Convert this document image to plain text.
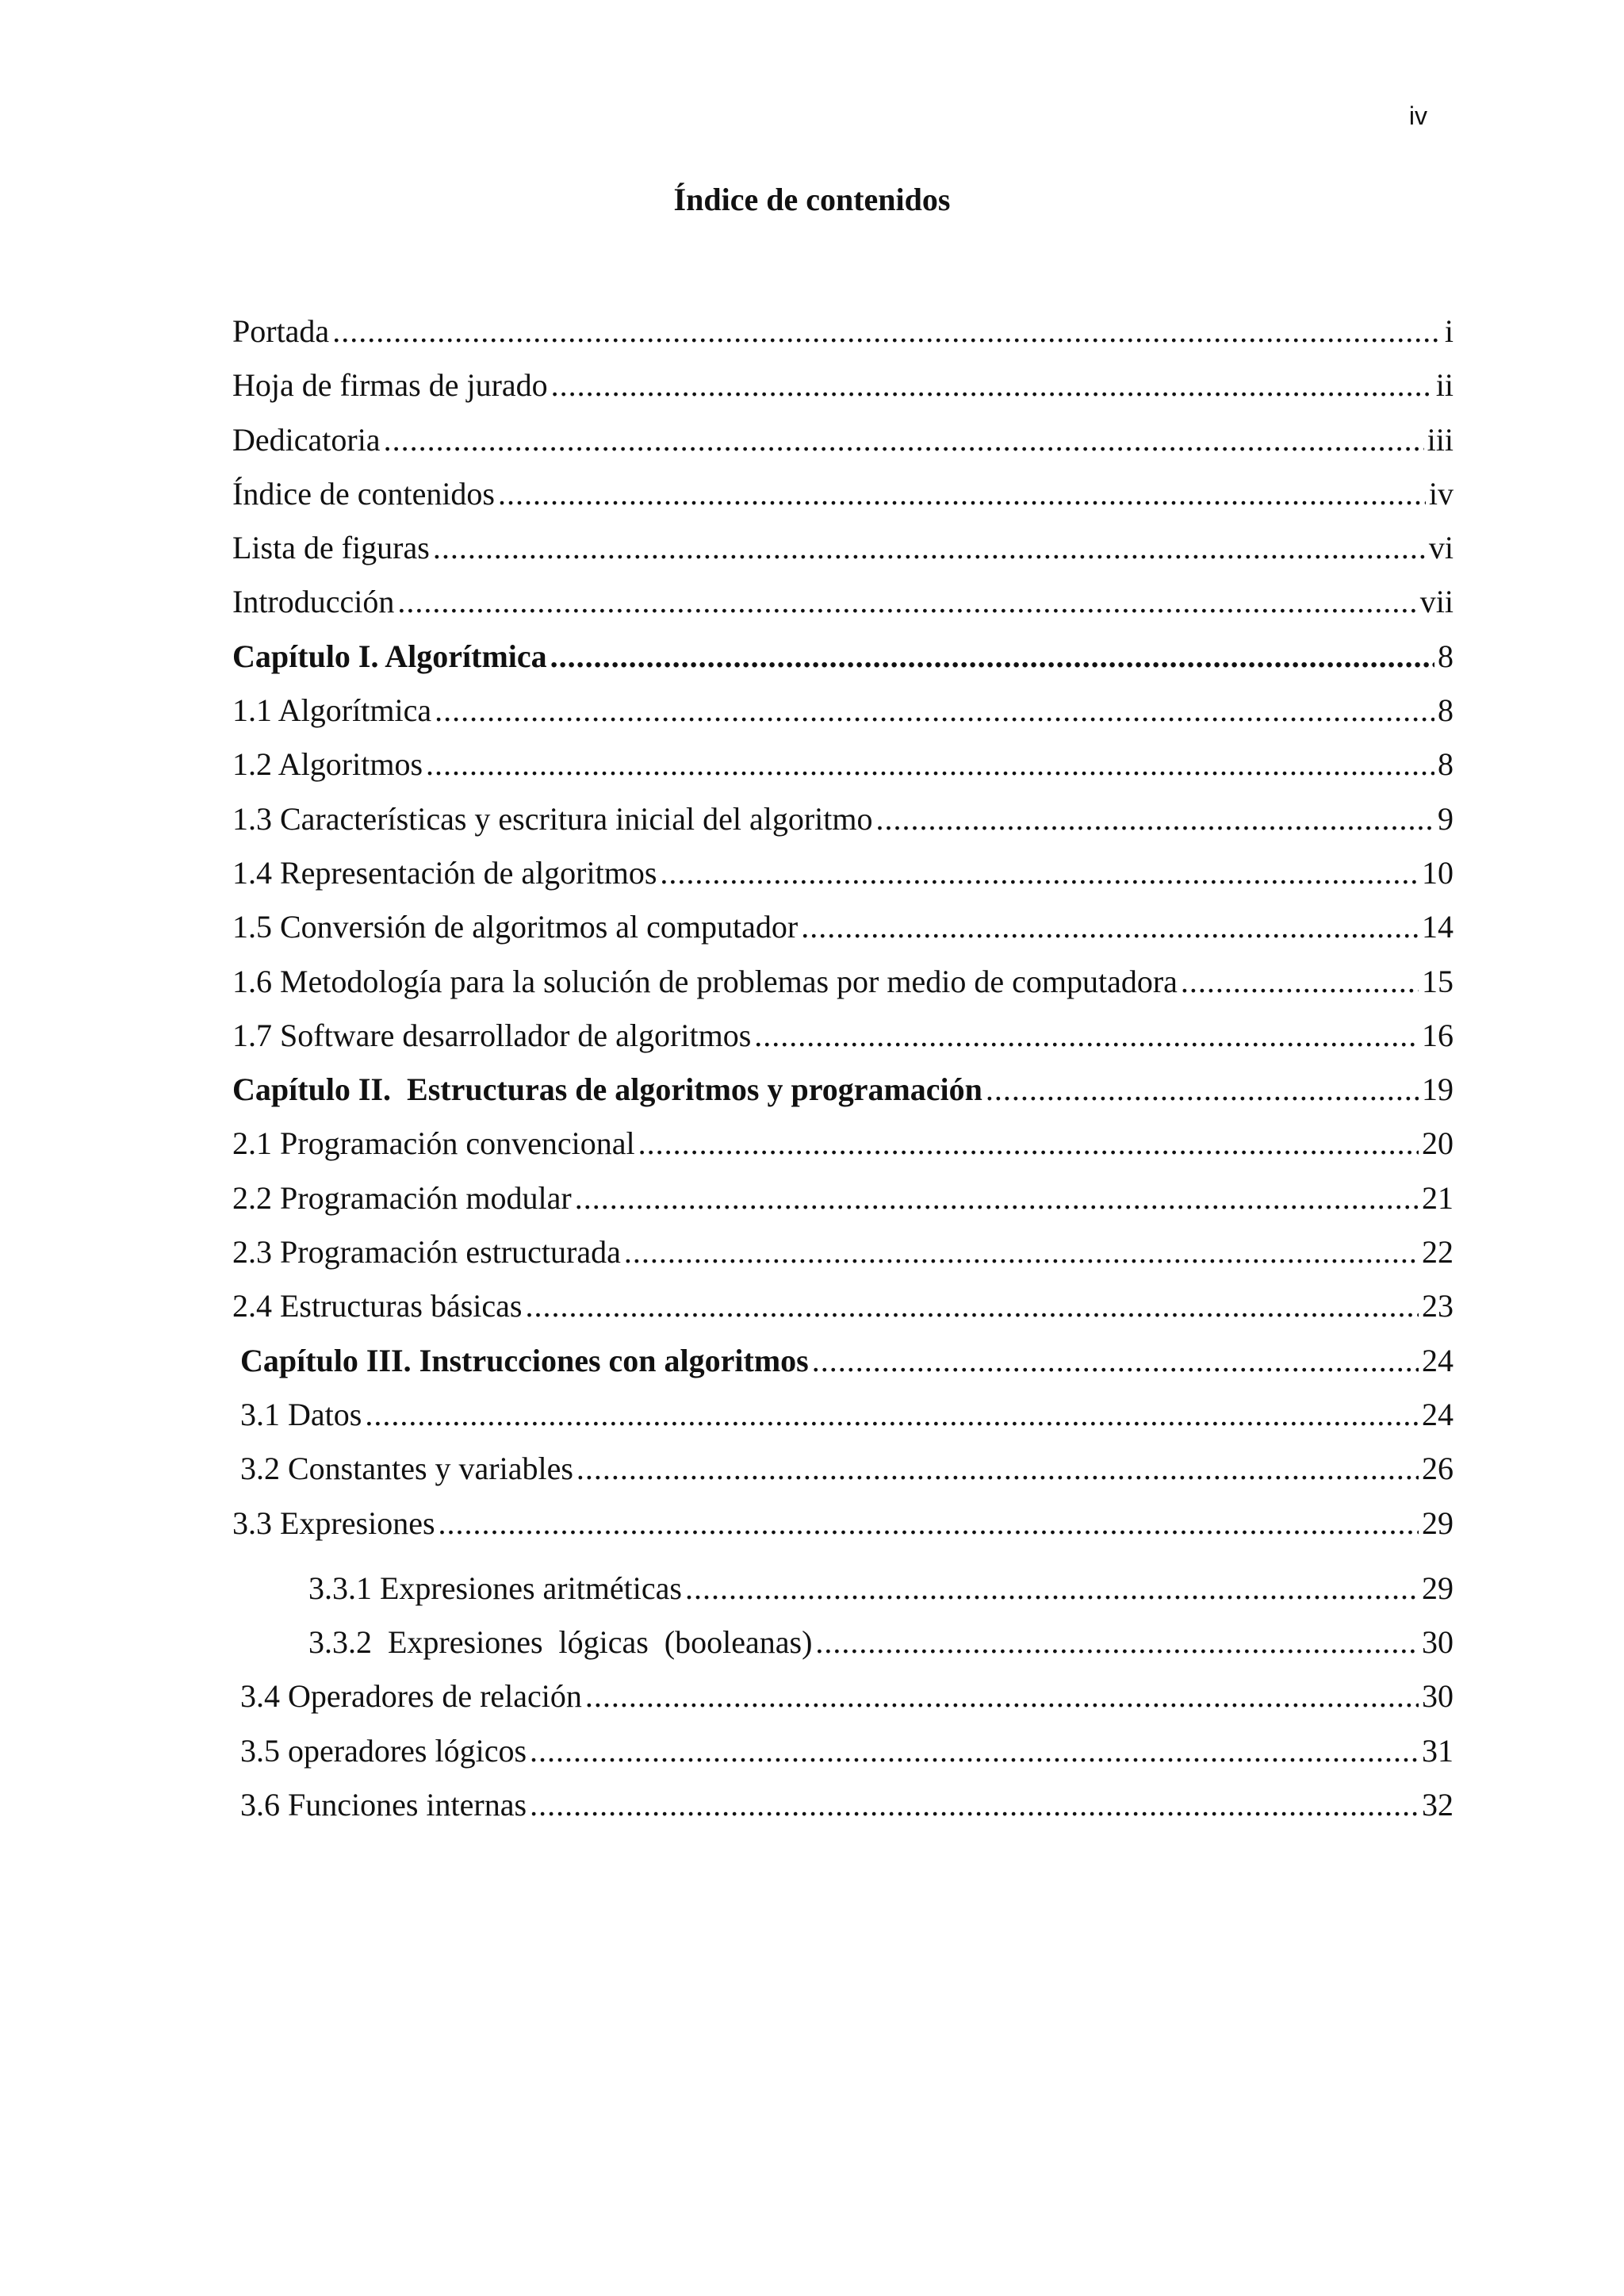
iv
Índice de contenidos
Portada .....	i
Hoja de firmas de jurado .....	ii
Dedicatoria .....	iii
Índice de contenidos .....	iv
Lista de figuras .....	vi
Introducción .....	vii
Capítulo I. Algorítmica .....	8
1.1 Algorítmica .....	8
1.2 Algoritmos .....	8
1.3 Características y escritura inicial del algoritmo .....	9
1.4 Representación de algoritmos .....	10
1.5 Conversión de algoritmos al computador .....	14
1.6 Metodología para la solución de problemas por medio de computadora .....	15
1.7 Software desarrollador de algoritmos .....	16
Capítulo II.  Estructuras de algoritmos y programación .....	19
2.1 Programación convencional .....	20
2.2 Programación modular .....	21
2.3 Programación estructurada .....	22
2.4 Estructuras básicas .....	23
Capítulo III. Instrucciones con algoritmos .....	24
3.1 Datos .....	24
3.2 Constantes y variables .....	26
3.3 Expresiones .....	29
3.3.1 Expresiones aritméticas .....	29
3.3.2  Expresiones  lógicas  (booleanas) .....	30
3.4 Operadores de relación .....	30
3.5 operadores lógicos .....	31
3.6 Funciones internas .....	32
